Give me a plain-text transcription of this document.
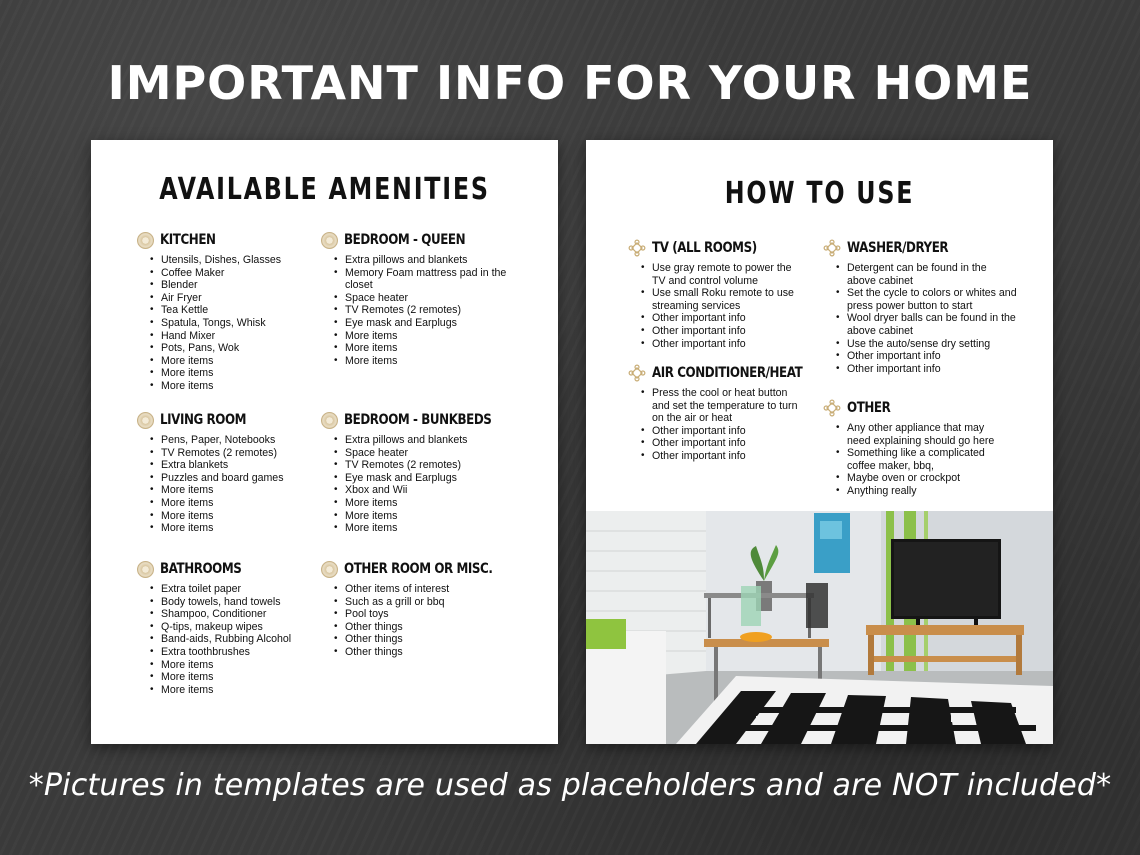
IMPORTANT INFO FOR YOUR HOME
AVAILABLE AMENITIES
KITCHEN
• Utensils, Dishes, Glasses
• Coffee Maker
• Blender
• Air Fryer
• Tea Kettle
• Spatula, Tongs, Whisk
• Hand Mixer
• Pots, Pans, Wok
• More items
• More items
• More items
BEDROOM - QUEEN
• Extra pillows and blankets
• Memory Foam mattress pad in the closet
• Space heater
• TV Remotes (2 remotes)
• Eye mask and Earplugs
• More items
• More items
• More items
LIVING ROOM
• Pens, Paper, Notebooks
• TV Remotes (2 remotes)
• Extra blankets
• Puzzles and board games
• More items
• More items
• More items
• More items
BEDROOM - BUNKBEDS
• Extra pillows and blankets
• Space heater
• TV Remotes (2 remotes)
• Eye mask and Earplugs
• Xbox and Wii
• More items
• More items
• More items
BATHROOMS
• Extra toilet paper
• Body towels, hand towels
• Shampoo, Conditioner
• Q-tips, makeup wipes
• Band-aids, Rubbing Alcohol
• Extra toothbrushes
• More items
• More items
• More items
OTHER ROOM OR MISC.
• Other items of interest
• Such as a grill or bbq
• Pool toys
• Other things
• Other things
• Other things
HOW TO USE
TV (ALL ROOMS)
• Use gray remote to power the TV and control volume
• Use small Roku remote to use streaming services
• Other important info
• Other important info
• Other important info
WASHER/DRYER
• Detergent can be found in the above cabinet
• Set the cycle to colors or whites and press power button to start
• Wool dryer balls can be found in the above cabinet
• Use the auto/sense dry setting
• Other important info
• Other important info
AIR CONDITIONER/HEAT
• Press the cool or heat button and set the temperature to turn on the air or heat
• Other important info
• Other important info
• Other important info
OTHER
• Any other appliance that may need explaining should go here
• Something like a complicated coffee maker, bbq,
• Maybe oven or crockpot
• Anything really
*Pictures in templates are used as placeholders and are NOT included*
